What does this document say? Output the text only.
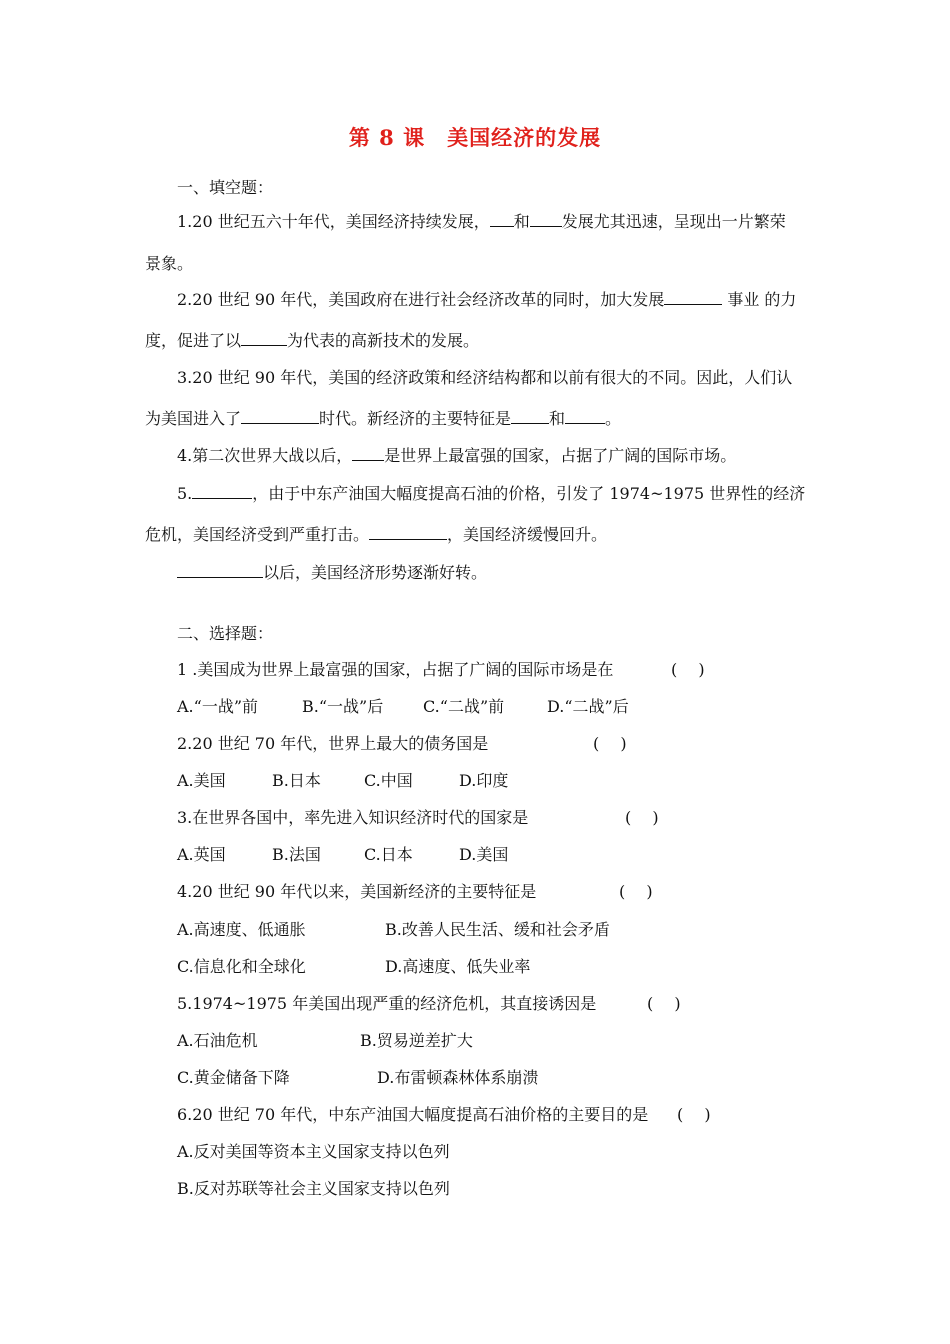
第 8 课　美国经济的发展
一、填空题：
1.20 世纪五六十年代，美国经济持续发展， 和 发展尤其迅速，呈现出一片繁荣
景象。
2.20 世纪 90 年代，美国政府在进行社会经济改革的同时，加大发展	事业 的力
度，促进了以	为代表的高新技术的发展。
3.20 世纪 90 年代，美国的经济政策和经济结构都和以前有很大的不同。因此，人们认
为美国进入了	时代。新经济的主要特征是 和	。
4.第二次世界大战以后， 是世界上最富强的国家，占据了广阔的国际市场。
5.	，由于中东产油国大幅度提高石油的价格，引发了 1974~1975 世界性的经济
危机，美国经济受到严重打击。	，美国经济缓慢回升。
以后，美国经济形势逐渐好转。
二、选择题：
1 .美国成为世界上最富强的国家，占据了广阔的国际市场是在	(　 )
A.“一战”前	B.“一战”后 C.“二战”前	D.“二战”后
2.20 世纪 70 年代，世界上最大的债务国是	(　 )
A.美国	B.日本	C.中国	D.印度
3.在世界各国中，率先进入知识经济时代的国家是	(　 )
A.英国	B.法国	C.日本	D.美国
4.20 世纪 90 年代以来，美国新经济的主要特征是	(　 )
A.高速度、低通胀	B.改善人民生活、缓和社会矛盾
C.信息化和全球化	D.高速度、低失业率
5.1974~1975 年美国出现严重的经济危机，其直接诱因是	(　 )
A.石油危机	B.贸易逆差扩大
C.黄金储备下降	D.布雷顿森林体系崩溃
6.20 世纪 70 年代，中东产油国大幅度提高石油价格的主要目的是 (　 )
A.反对美国等资本主义国家支持以色列
B.反对苏联等社会主义国家支持以色列
